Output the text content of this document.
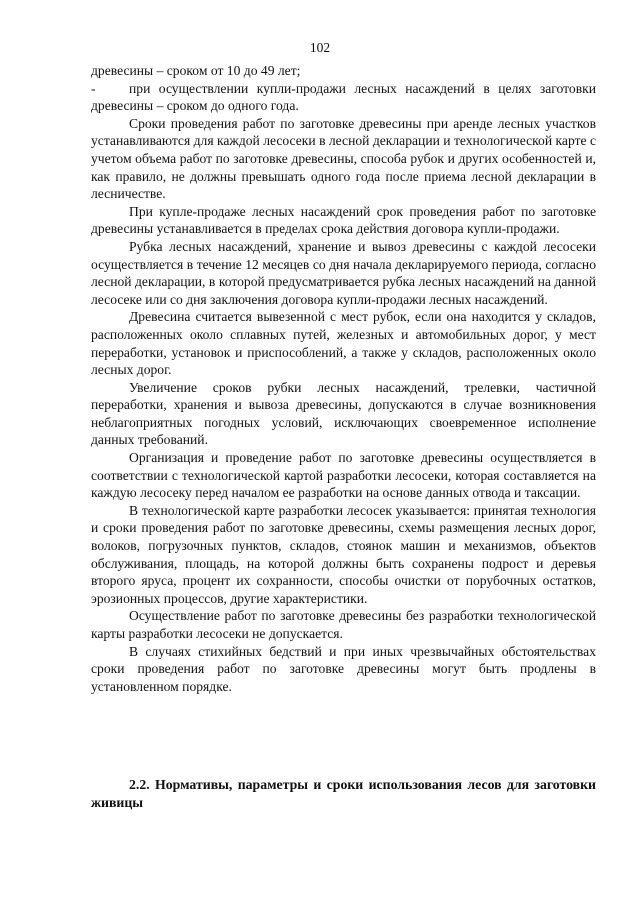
102

древесины – сроком от 10 до 49 лет;

- при осуществлении купли-продажи лесных насаждений в целях заготовки древесины – сроком до одного года.

Сроки проведения работ по заготовке древесины при аренде лесных участков устанавливаются для каждой лесосеки в лесной декларации и технологической карте с учетом объема работ по заготовке древесины, способа рубок и других особенностей и, как правило, не должны превышать одного года после приема лесной декларации в лесничестве.

При купле-продаже лесных насаждений срок проведения работ по заготовке древесины устанавливается в пределах срока действия договора купли-продажи.

Рубка лесных насаждений, хранение и вывоз древесины с каждой лесосеки осуществляется в течение 12 месяцев со дня начала декларируемого периода, согласно лесной декларации, в которой предусматривается рубка лесных насаждений на данной лесосеке или со дня заключения договора купли-продажи леcных насаждений.

Древесина считается вывезенной с мест рубок, если она находится у складов, расположенных около сплавных путей, железных и автомобильных дорог, у мест переработки, установок и приспособлений, а также у складов, расположенных около лесных дорог.

Увеличение сроков рубки лесных насаждений, трелевки, частичной переработки, хранения и вывоза древесины, допускаются в случае возникновения неблагоприятных погодных условий, исключающих своевременное исполнение данных требований.

Организация и проведение работ по заготовке древесины осуществляется в соответствии с технологической картой разработки лесосеки, которая составляется на каждую лесосеку перед началом ее разработки на основе данных отвода и таксации.

В технологической карте разработки лесосек указывается: принятая технология и сроки проведения работ по заготовке древесины, схемы размещения лесных дорог, волоков, погрузочных пунктов, складов, стоянок машин и механизмов, объектов обслуживания, площадь, на которой должны быть сохранены подрост и деревья второго яруса, процент их сохранности, способы очистки от порубочных остатков, эрозионных процессов, другие характеристики.

Осуществление работ по заготовке древесины без разработки технологической карты разработки лесосеки не допускается.

В случаях стихийных бедствий и при иных чрезвычайных обстоятельствах сроки проведения работ по заготовке древесины могут быть продлены в установленном порядке.

2.2. Нормативы, параметры и сроки использования лесов для заготовки живицы
